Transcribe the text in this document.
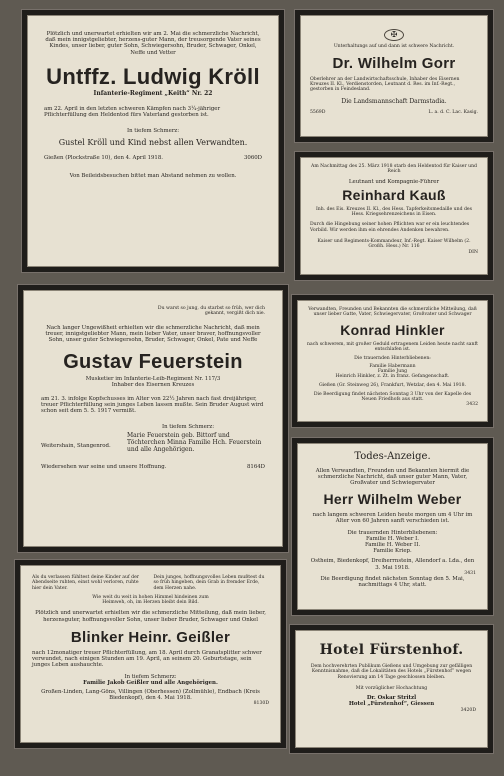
Plötzlich und unerwartet erhielten wir am 2. Mai die schmerzliche Nachricht, daß mein innigstgeliebter, herzens-guter Mann, der treusorgende Vater seines Kindes, unser lieber, guter Sohn, Schwiegersohn, Bruder, Schwager, Onkel, Neffe und Vetter
Untffz. Ludwig Kröll
Infanterie-Regiment „Keith“ Nr. 22
am 22. April in den letzten schweren Kämpfen nach 3¼-jähriger Pflichterfüllung den Heldentod fürs Vaterland gestorben ist.
In tiefem Schmerz:
Gustel Kröll und Kind nebst allen Verwandten.
Gießen (Plockstraße 10), den 4. April 1918.	3060D
Von Beileidsbesuchen bittet man Abstand nehmen zu wollen.
✠
Unterhaltungs auf und dann ist schwere Nachricht.
Dr. Wilhelm Gorr
Oberlehrer an der Landwirtschaftsschule, Inhaber des Eisernen Kreuzes II. Kl., Verdienstorden, Leutnant d. Res. im Inf.-Regt., gestorben in Feindesland.
Die Landsmannschaft Darmstadia.
5569D	L. a. d. C. Lac. Kasig.
Am Nachmittag des 25. März 1918 starb den Heldentod für Kaiser und Reich
Leutnant und Kompagnie-Führer
Reinhard Kauß
Inh. des Eis. Kreuzes II. Kl., des Hess. Tapferkeitsmedaille und des Hess. Kriegsehrenzeichens in Eisen.
Durch die Hingebung seiner hohen Pflichten war er ein leuchtendes Vorbild. Wir werden ihm ein ehrendes Andenken bewahren.
Kaiser und Regiments-Kommandeur, Inf.-Regt. Kaiser Wilhelm (2. Großh. Hess.) Nr. 116
DIN
Du warst so jung, du starbst so früh, wer dich gekannt, vergißt dich nie.
Nach langer Ungewißheit erhielten wir die schmerzliche Nachricht, daß mein treuer, innigstgeliebter Mann, mein lieber Vater, unser braver, hoffnungsvoller Sohn, unser guter Schwiegersohn, Bruder, Schwager, Onkel, Pate und Neffe
Gustav Feuerstein
Musketier im Infanterie-Leib-Regiment Nr. 117/3
Inhaber des Eisernen Kreuzes
am 21. 3. infolge Kopfschusses im Alter von 22½ Jahren nach fast dreijähriger, treuer Pflichterfüllung sein junges Leben lassen mußte. Sein Bruder August wird schon seit dem 5. 5. 1917 vermißt.
In tiefem Schmerz:
Weitershain, Stangenrod.
Marie Feuerstein geb. Bittorf und Töchterchen Minna Familie Hch. Feuerstein und alle Angehörigen.
Wiedersehen war seine und unsere Hoffnung.	8164D
Verwandten, Freunden und Bekannten die schmerzliche Mitteilung, daß unser lieber Gatte, Vater, Schwiegervater, Großvater und Schwager
Konrad Hinkler
nach schwerem, mit großer Geduld ertragenem Leiden heute nacht sanft entschlafen ist.
Die trauernden Hinterbliebenen:
Familie Habermann
Familie Jung
Heinrich Hinkler, z. Zt. in franz. Gefangenschaft.
Gießen (Gr. Steinweg 26), Frankfurt, Wetzlar, den 4. Mai 1918.
Die Beerdigung findet nächsten Sonntag 3 Uhr von der Kapelle des Neuen Friedhofs aus statt.
3432
Todes-Anzeige.
Allen Verwandten, Freunden und Bekannten hiermit die schmerzliche Nachricht, daß unser guter Mann, Vater, Großvater und Schwiegervater
Herr Wilhelm Weber
nach langem schweren Leiden heute morgen um 4 Uhr im Alter von 60 Jahren sanft verschieden ist.
Die trauernden Hinterbliebenen:
Familie H. Weber I.
Familie H. Weber II.
Familie Kriep.
Ostheim, Biedenkopf, Dreiherrnstein, Allendorf a. Lda., den 3. Mai 1918.
3431
Die Beerdigung findet nächsten Sonntag den 5. Mai, nachmittags 4 Uhr, statt.
Als du verlassen fühltest deine Kinder auf der Abendseite ruhten, einst wohl verloren, ruhte hier dein Vater.
Dein junges, hoffnungsvolles Leben mußtest du so früh hingeben, dein Grab in fremder Erde, dem Herzen nahe.
Wie weit du weit in hohen Himmel hindeinen zum Heimweh, oh, im Herzen bleibt dein Bild.
Plötzlich und unerwartet erhielten wir die schmerzliche Mitteilung, daß mein lieber, herzensguter, hoffnungsvoller Sohn, unser lieber Bruder, Schwager und Onkel
Blinker Heinr. Geißler
nach 12monatiger treuer Pflichterfüllung, am 18. April durch Granatsplitter schwer verwundet, nach einigen Stunden am 19. April, an seinem 20. Geburtstage, sein junges Leben aushauchte.
In tiefem Schmerz:
Familie Jakob Geißler und alle Angehörigen.
Großen-Linden, Lang-Göns, Villingen (Oberhessen) (Zollmühle), Endbach (Kreis Biedenkopf), den 4. Mai 1918.
8130D
Hotel Fürstenhof.
Dem hochverehrten Publikum Gießens und Umgebung zur gefälligen Kenntnisnahme, daß die Lokalitäten des Hotels „Fürstenhof“ wegen Renovierung am 14 Tage geschlossen bleiben.
Mit vorzüglicher Hochachtung
Dr. Oskar Stritzl
Hotel „Fürstenhof“, Giessen
3420D
